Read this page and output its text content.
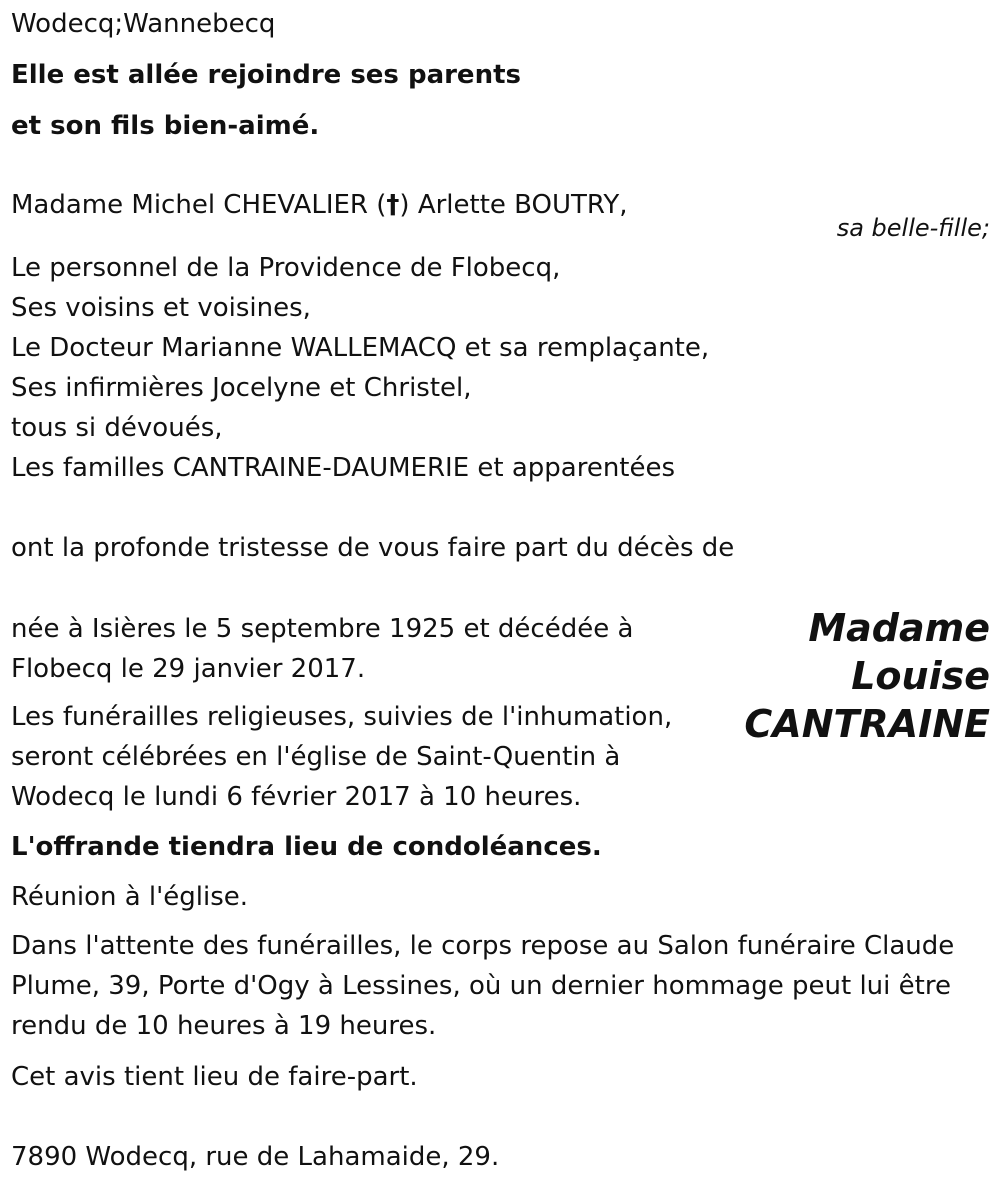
Wodecq;Wannebecq
Elle est allée rejoindre ses parents
et son fils bien-aimé.
Madame Michel CHEVALIER (†) Arlette BOUTRY,
sa belle-fille;
Le personnel de la Providence de Flobecq,
Ses voisins et voisines,
Le Docteur Marianne WALLEMACQ et sa remplaçante,
Ses infirmières Jocelyne et Christel,
tous si dévoués,
Les familles CANTRAINE-DAUMERIE et apparentées
ont la profonde tristesse de vous faire part du décès de
Madame
Louise
CANTRAINE
née à Isières le 5 septembre 1925 et décédée à
Flobecq le 29 janvier 2017.
Les funérailles religieuses, suivies de l'inhumation,
seront célébrées en l'église de Saint-Quentin à
Wodecq le lundi 6 février 2017 à 10 heures.
L'offrande tiendra lieu de condoléances.
Réunion à l'église.
Dans l'attente des funérailles, le corps repose au Salon funéraire Claude
Plume, 39, Porte d'Ogy à Lessines, où un dernier hommage peut lui être
rendu de 10 heures à 19 heures.
Cet avis tient lieu de faire-part.
7890 Wodecq, rue de Lahamaide, 29.
